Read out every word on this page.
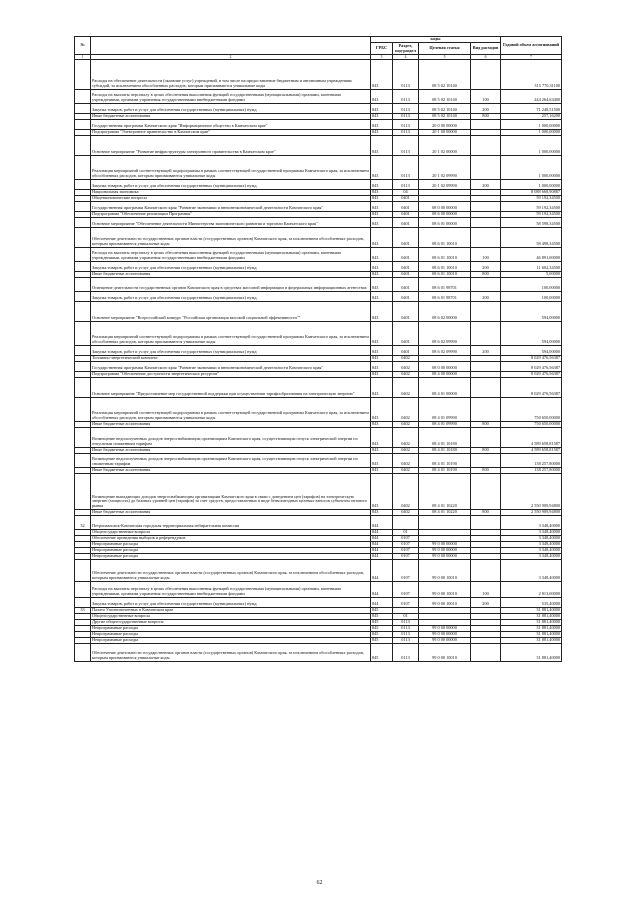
№		коды				Годовой объем ассигнований
		ГРБС	Раздел, под-раздел	Целевая статья	Вид расходов	
1	2	3	4	5	6	7
	Расходы на обеспечение деятельности (оказание услуг) учреждений, в том числе на предоставление бюджетным и автономным учреждениям субсидий, за исключением обособленных расходов, которым присваиваются уникальные коды	843	0113	08 5 02 10140		315 770,31100
	Расходы на выплаты персоналу в целях обеспечения выполнения функций государственными (муниципальными) органами, казенными учреждениями, органами управления государственными внебюджетными фондами	843	0113	08 5 02 10140	100	244 264,63400
	Закупка товаров, работ и услуг для обеспечения государственных (муниципальных) нужд	843	0113	08 5 02 10140	200	71 248,51500
	Иные бюджетные ассигнования	843	0113	08 5 02 10140	800	257,16200
	Государственная программа Камчатского края "Информационное общество в Камчатском крае"	843	0113	20 0 00 00000		1 000,00000
	Подпрограмма "Электронное правительство в Камчатском крае"	843	0113	20 1 00 00000		1 000,00000
	Основное мероприятие "Развитие инфраструктуры электронного правительства в Камчатском крае"	843	0113	20 1 02 00000		1 000,00000
	Реализация мероприятий соответствующей подпрограммы в рамках соответствующей государственной программы Камчатского края, за исключением обособленных расходов, которым присваиваются уникальные коды	843	0113	20 1 02 09990		1 000,00000
	Закупка товаров, работ и услуг для обеспечения государственных (муниципальных) нужд	843	0113	20 1 02 09990	200	1 000,00000
	Национальная экономика	843	04			8 088 668,90887
	Общеэкономические вопросы	843	0401			59 192,34500
	Государственная программа Камчатского края "Развитие экономики и внешнеэкономической деятельности Камчатского края"	843	0401	08 0 00 00000		59 192,34500
	Подпрограмма "Обеспечение реализации Программы"	843	0401	08 6 00 00000		59 192,34500
	Основное мероприятие "Обеспечение деятельности Министерства экономического развития и торговли Камчатского края"	843	0401	08 6 01 00000		58 598,34500
	Обеспечение деятельности государственных органов власти (государственных органов) Камчатского края, за исключением обособленных расходов, которым присваиваются уникальные коды	843	0401	08 6 01 10010		58 498,34500
	Расходы на выплаты персоналу в целях обеспечения выполнения функций государственными (муниципальными) органами, казенными учреждениями, органами управления государственными внебюджетными фондами	843	0401	08 6 01 10010	100	46 891,00000
	Закупка товаров, работ и услуг для обеспечения государственных (муниципальных) нужд	843	0401	08 6 01 10010	200	11 602,34500
	Иные бюджетные ассигнования	843	0401	08 6 01 10010	800	5,00000
	Освещение деятельности государственных органов Камчатского края в средствах массовой информации и федеральных информационных агентствах	843	0401	08 6 01 98701		100,00000
	Закупка товаров, работ и услуг для обеспечения государственных (муниципальных) нужд	843	0401	08 6 01 98701	200	100,00000
	Основное мероприятие "Всероссийский конкурс "Российская организация высокой социальной эффективности""	843	0401	08 6 02 00000		594,00000
	Реализация мероприятий соответствующей подпрограммы в рамках соответствующей государственной программы Камчатского края, за исключением обособленных расходов, которым присваиваются уникальные коды	843	0401	08 6 02 09990		594,00000
	Закупка товаров, работ и услуг для обеспечения государственных (муниципальных) нужд	843	0401	08 6 02 09990	200	594,00000
	Топливно-энергетический комплекс	843	0402			8 029 476,56387
	Государственная программа Камчатского края "Развитие экономики и внешнеэкономической деятельности Камчатского края"	843	0402	08 0 00 00000		8 029 476,56387
	Подпрограмма "Обеспечение доступности энергетических ресурсов"	843	0402	08 4 00 00000		8 029 476,56387
	Основное мероприятие "Предоставление мер государственной поддержки при осуществлении тарифообразования на электрическую энергию"	843	0402	08 4 01 00000		8 029 476,56387
	Реализация мероприятий соответствующей подпрограммы в рамках соответствующей государственной программы Камчатского края, за исключением обособленных расходов, которым присваиваются уникальные коды	843	0402	08 4 01 09990		750 650,00000
	Иные бюджетные ассигнования	843	0402	08 4 01 09990	800	750 650,00000
	Возмещение недополученных доходов энергоснабжающим организациям Камчатского края, осуществляющим отпуск электрической энергии по отпускным сниженным тарифам	843	0402	08 4 01 10180		4 589 658,81587
	Иные бюджетные ассигнования	843	0402	08 4 01 10180	800	4 589 658,81587
	Возмещение недополученных доходов энергоснабжающим организациям Камчатского края, осуществляющим отпуск электрической энергии по сниженным тарифам	843	0402	08 4 01 10190		138 257,80000
	Иные бюджетные ассигнования	843	0402	08 4 01 10190	800	138 257,80000
	Возмещение выпадающих доходов энергоснабжающим организациям Камчатского края в связи с доведением цен (тарифов) на электрическую энергию (мощность) до базовых уровней цен (тарифов) за счет средств, предоставленных в виде безвозмездных целевых взносов субъектом оптового рынка	843	0402	08 4 01 10220		2 550 909,94800
	Иные бюджетные ассигнования	843	0402	08 4 01 10220	800	2 550 909,94800
32	Петропавловск-Камчатская городская территориальная избирательная комиссия	844				3 348,40000
	Общегосударственные вопросы	844	01			3 348,40000
	Обеспечение проведения выборов и референдумов	844	0107			3 348,40000
	Непрограммные расходы	844	0107	99 0 00 00000		3 348,40000
	Непрограммные расходы	844	0107	99 0 00 00000		3 348,40000
	Непрограммные расходы	844	0107	99 0 00 00000		3 348,40000
	Обеспечение деятельности государственных органов власти (государственных органов) Камчатского края, за исключением обособленных расходов, которым присваиваются уникальные коды	844	0107	99 0 00 10010		3 348,40000
	Расходы на выплаты персоналу в целях обеспечения выполнения функций государственными (муниципальными) органами, казенными учреждениями, органами управления государственными внебюджетными фондами	844	0107	99 0 00 10010	100	2 813,00000
	Закупка товаров, работ и услуг для обеспечения государственных (муниципальных) нужд	844	0107	99 0 00 10010	200	535,40000
33	Палата Уполномоченных в Камчатском крае	845				31 881,40000
	Общегосударственные вопросы	845	01			31 881,40000
	Другие общегосударственные вопросы	845	0113			31 881,40000
	Непрограммные расходы	845	0113	99 0 00 00000		31 881,40000
	Непрограммные расходы	845	0113	99 0 00 00000		31 881,40000
	Непрограммные расходы	845	0113	99 0 00 00000		31 881,40000
	Обеспечение деятельности государственных органов власти (государственных органов) Камчатского края, за исключением обособленных расходов, которым присваиваются уникальные коды	845	0113	99 0 00 10010		31 881,40000
62
